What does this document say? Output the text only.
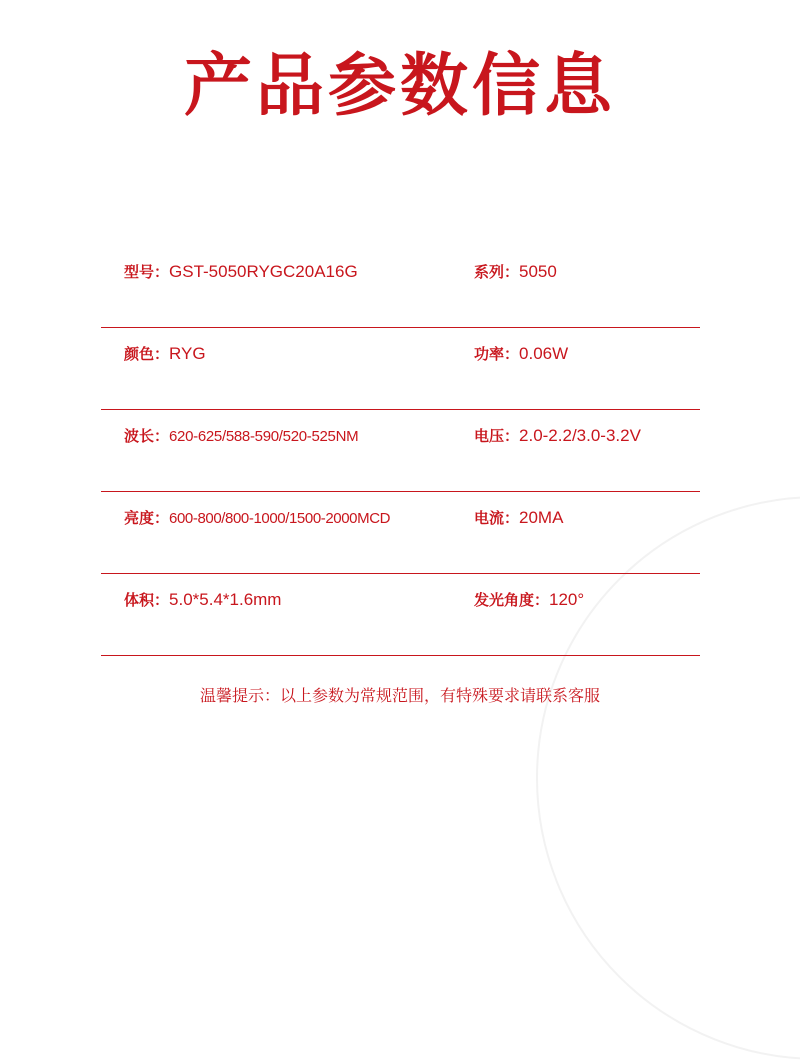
产品参数信息
型号：GST-5050RYGC20A16G	系列：5050
颜色：RYG	功率：0.06W
波长：620-625/588-590/520-525NM	电压：2.0-2.2/3.0-3.2V
亮度：600-800/800-1000/1500-2000MCD	电流：20MA
体积：5.0*5.4*1.6mm	发光角度：120°
温馨提示：以上参数为常规范围，有特殊要求请联系客服
